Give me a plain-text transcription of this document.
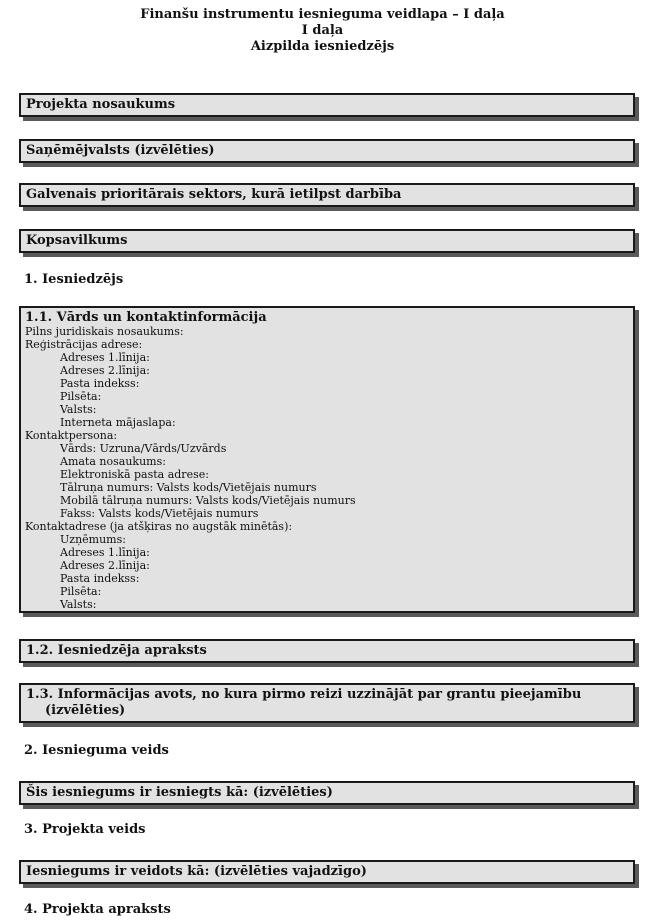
Finanšu instrumentu iesnieguma veidlapa – I daļa
I daļa
Aizpilda iesniedzējs
Projekta nosaukums
Saņēmējvalsts (izvēlēties)
Galvenais prioritārais sektors, kurā ietilpst darbība
Kopsavilkums
1. Iesniedzējs
1.1. Vārds un kontaktinformācija
Pilns juridiskais nosaukums:
Reģistrācijas adrese:
Adreses 1.līnija:
Adreses 2.līnija:
Pasta indekss:
Pilsēta:
Valsts:
Interneta mājaslapa:
Kontaktpersona:
Vārds: Uzruna/Vārds/Uzvārds
Amata nosaukums:
Elektroniskā pasta adrese:
Tālruņa numurs: Valsts kods/Vietējais numurs
Mobilā tālruņa numurs: Valsts kods/Vietējais numurs
Fakss: Valsts kods/Vietējais numurs
Kontaktadrese (ja atšķiras no augstāk minētās):
Uzņēmums:
Adreses 1.līnija:
Adreses 2.līnija:
Pasta indekss:
Pilsēta:
Valsts:
1.2. Iesniedzēja apraksts
1.3. Informācijas avots, no kura pirmo reizi uzzinājāt par grantu pieejamību
(izvēlēties)
2. Iesnieguma veids
Šis iesniegums ir iesniegts kā: (izvēlēties)
3. Projekta veids
Iesniegums ir veidots kā: (izvēlēties vajadzīgo)
4. Projekta apraksts
